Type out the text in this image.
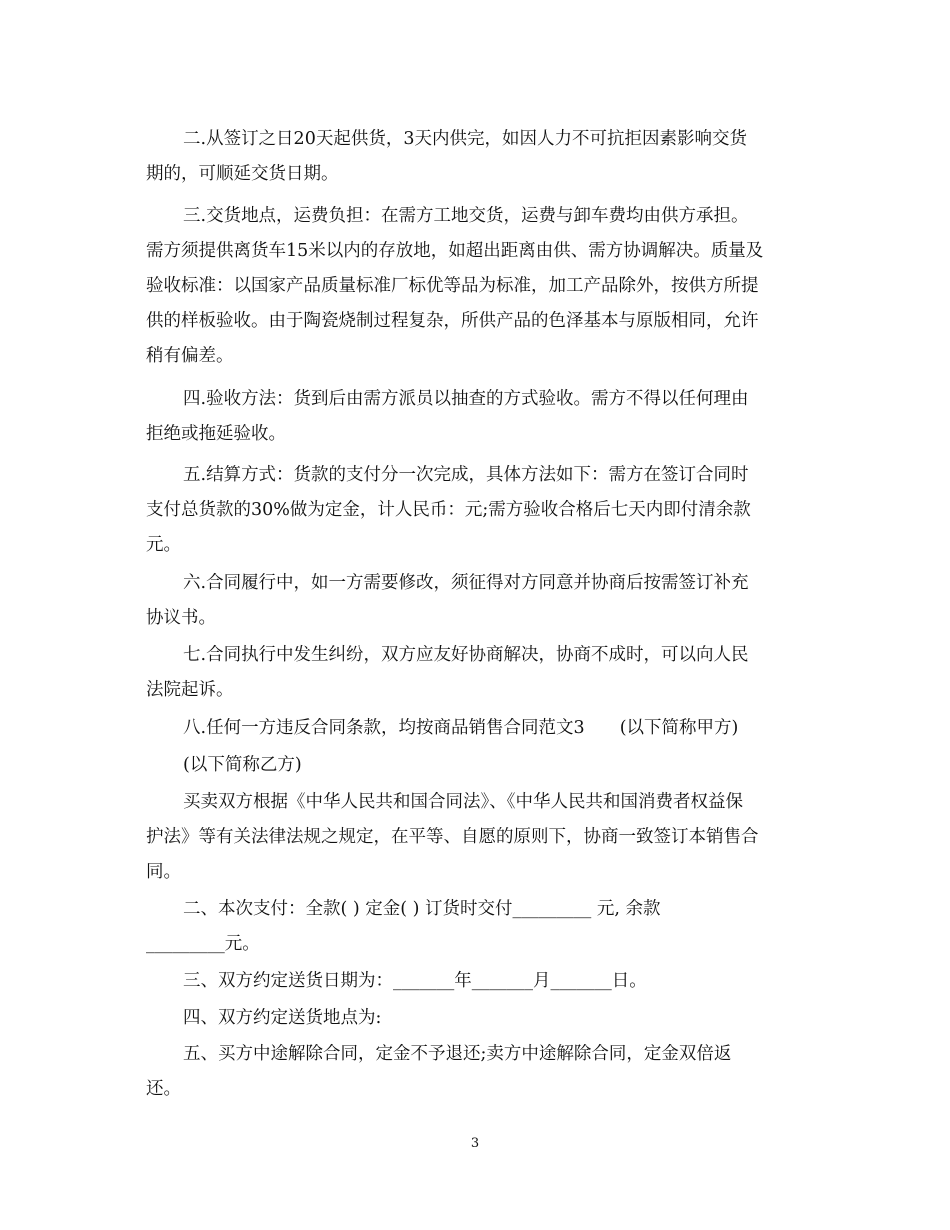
二.从签订之日20天起供货，3天内供完，如因人力不可抗拒因素影响交货
期的，可顺延交货日期。

三.交货地点，运费负担：在需方工地交货，运费与卸车费均由供方承担。
需方须提供离货车15米以内的存放地，如超出距离由供、需方协调解决。质量及
验收标准：以国家产品质量标准厂标优等品为标准，加工产品除外，按供方所提
供的样板验收。由于陶瓷烧制过程复杂，所供产品的色泽基本与原版相同，允许
稍有偏差。

四.验收方法：货到后由需方派员以抽查的方式验收。需方不得以任何理由
拒绝或拖延验收。

五.结算方式：货款的支付分一次完成，具体方法如下：需方在签订合同时
支付总货款的30%做为定金，计人民币：元;需方验收合格后七天内即付清余款
元。

六.合同履行中，如一方需要修改，须征得对方同意并协商后按需签订补充
协议书。

七.合同执行中发生纠纷，双方应友好协商解决，协商不成时，可以向人民
法院起诉。

八.任何一方违反合同条款，均按商品销售合同范文3　　(以下简称甲方)

(以下简称乙方)

买卖双方根据《中华人民共和国合同法》、《中华人民共和国消费者权益保
护法》等有关法律法规之规定，在平等、自愿的原则下，协商一致签订本销售合
同。

二、本次支付：全款( ) 定金( ) 订货时交付_________ 元, 余款
_________元。

三、双方约定送货日期为：_______年_______月_______日。

四、双方约定送货地点为:

五、买方中途解除合同，定金不予退还;卖方中途解除合同，定金双倍返
还。

3
